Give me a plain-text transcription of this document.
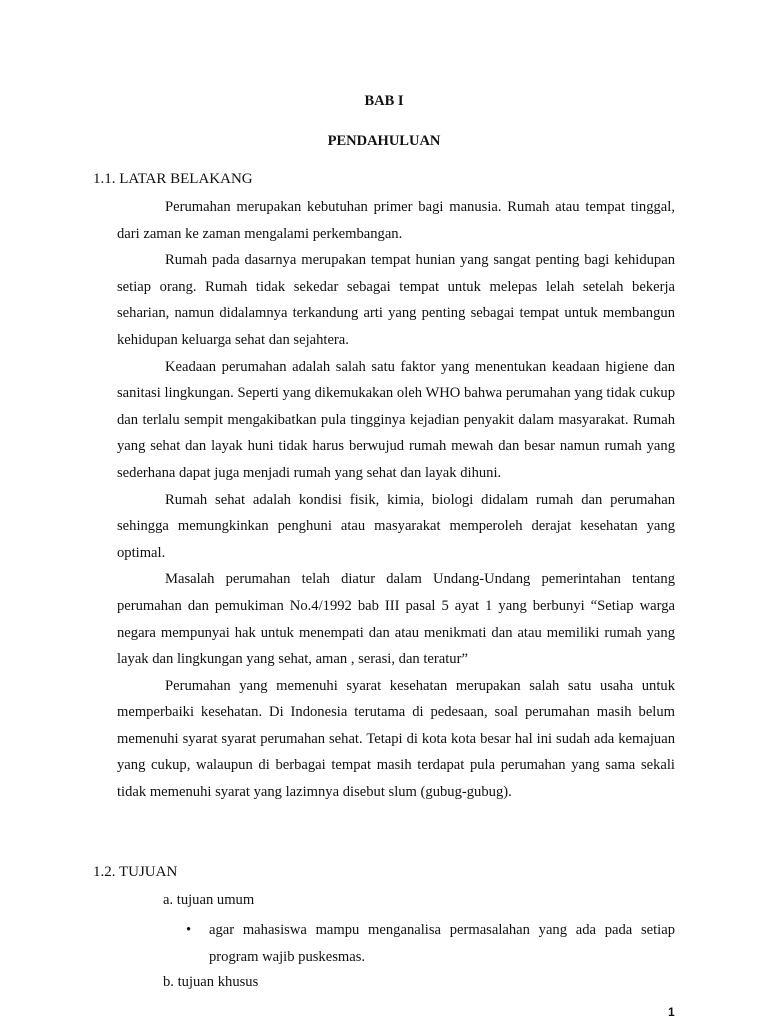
BAB I

PENDAHULUAN

1.1. LATAR BELAKANG

Perumahan merupakan kebutuhan primer bagi manusia. Rumah atau tempat tinggal, dari zaman ke zaman mengalami perkembangan.

Rumah pada dasarnya merupakan tempat hunian yang sangat penting bagi kehidupan setiap orang. Rumah tidak sekedar sebagai tempat untuk melepas lelah setelah bekerja seharian, namun didalamnya terkandung arti yang penting sebagai tempat untuk membangun kehidupan keluarga sehat dan sejahtera.

Keadaan perumahan adalah salah satu faktor yang menentukan keadaan higiene dan sanitasi lingkungan. Seperti yang dikemukakan oleh WHO bahwa perumahan yang tidak cukup dan terlalu sempit mengakibatkan pula tingginya kejadian penyakit dalam masyarakat. Rumah yang sehat dan layak huni tidak harus berwujud rumah mewah dan besar namun rumah yang sederhana dapat juga menjadi rumah yang sehat dan layak dihuni.

Rumah sehat adalah kondisi fisik, kimia, biologi didalam rumah dan perumahan sehingga memungkinkan penghuni atau masyarakat memperoleh derajat kesehatan yang optimal.

Masalah perumahan telah diatur dalam Undang-Undang pemerintahan tentang perumahan dan pemukiman No.4/1992 bab III pasal 5 ayat 1 yang berbunyi “Setiap warga negara mempunyai hak untuk menempati dan atau menikmati dan atau memiliki rumah yang layak dan lingkungan yang sehat, aman , serasi, dan teratur”

Perumahan yang memenuhi syarat kesehatan merupakan salah satu usaha untuk memperbaiki kesehatan. Di Indonesia terutama di pedesaan, soal perumahan masih belum memenuhi syarat syarat perumahan sehat. Tetapi di kota kota besar hal ini sudah ada kemajuan yang cukup, walaupun di berbagai tempat masih terdapat pula perumahan yang sama sekali tidak memenuhi syarat yang lazimnya disebut slum (gubug-gubug).

1.2. TUJUAN

a. tujuan umum

• agar mahasiswa mampu menganalisa permasalahan yang ada pada setiap program wajib puskesmas.

b. tujuan khusus

1
